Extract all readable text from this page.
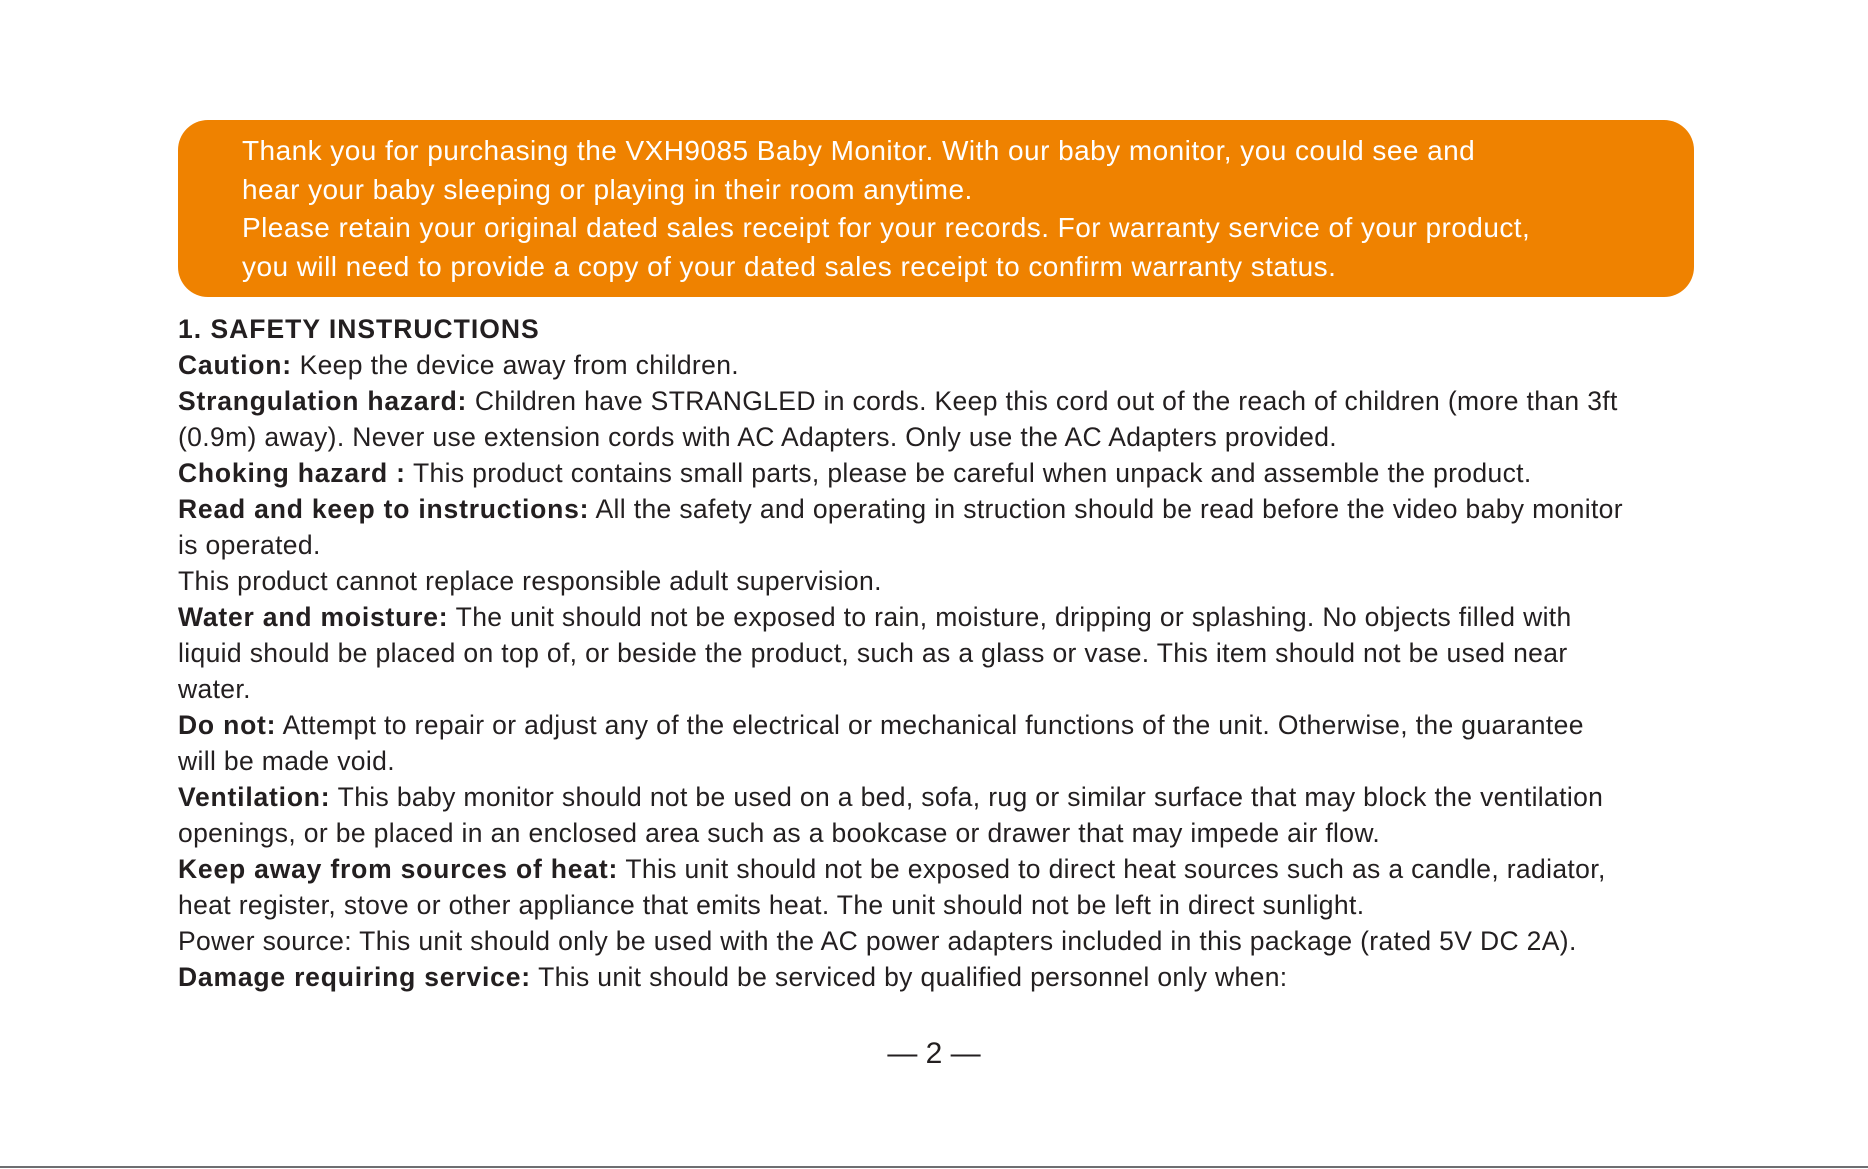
Thank you for purchasing the VXH9085 Baby Monitor. With our baby monitor, you could see and

hear your baby sleeping or playing in their room anytime.

Please retain your original dated sales receipt for your records. For warranty service of your product,

you will need to provide a copy of your dated sales receipt to confirm warranty status.

1. SAFETY INSTRUCTIONS

Caution: Keep the device away from children.

Strangulation hazard: Children have STRANGLED in cords. Keep this cord out of the reach of children (more than 3ft

(0.9m) away). Never use extension cords with AC Adapters. Only use the AC Adapters provided.

Choking hazard : This product contains small parts, please be careful when unpack and assemble the product.

Read and keep to instructions: All the safety and operating in struction should be read before the video baby monitor

is operated.

This product cannot replace responsible adult supervision.

Water and moisture: The unit should not be exposed to rain, moisture, dripping or splashing. No objects filled with

liquid should be placed on top of, or beside the product, such as a glass or vase. This item should not be used near

water.

Do not: Attempt to repair or adjust any of the electrical or mechanical functions of the unit. Otherwise, the guarantee

will be made void.

Ventilation: This baby monitor should not be used on a bed, sofa, rug or similar surface that may block the ventilation

openings, or be placed in an enclosed area such as a bookcase or drawer that may impede air flow.

Keep away from sources of heat: This unit should not be exposed to direct heat sources such as a candle, radiator,

heat register, stove or other appliance that emits heat. The unit should not be left in direct sunlight.

Power source: This unit should only be used with the AC power adapters included in this package (rated 5V DC 2A).

Damage requiring service: This unit should be serviced by qualified personnel only when:

— 2 —
